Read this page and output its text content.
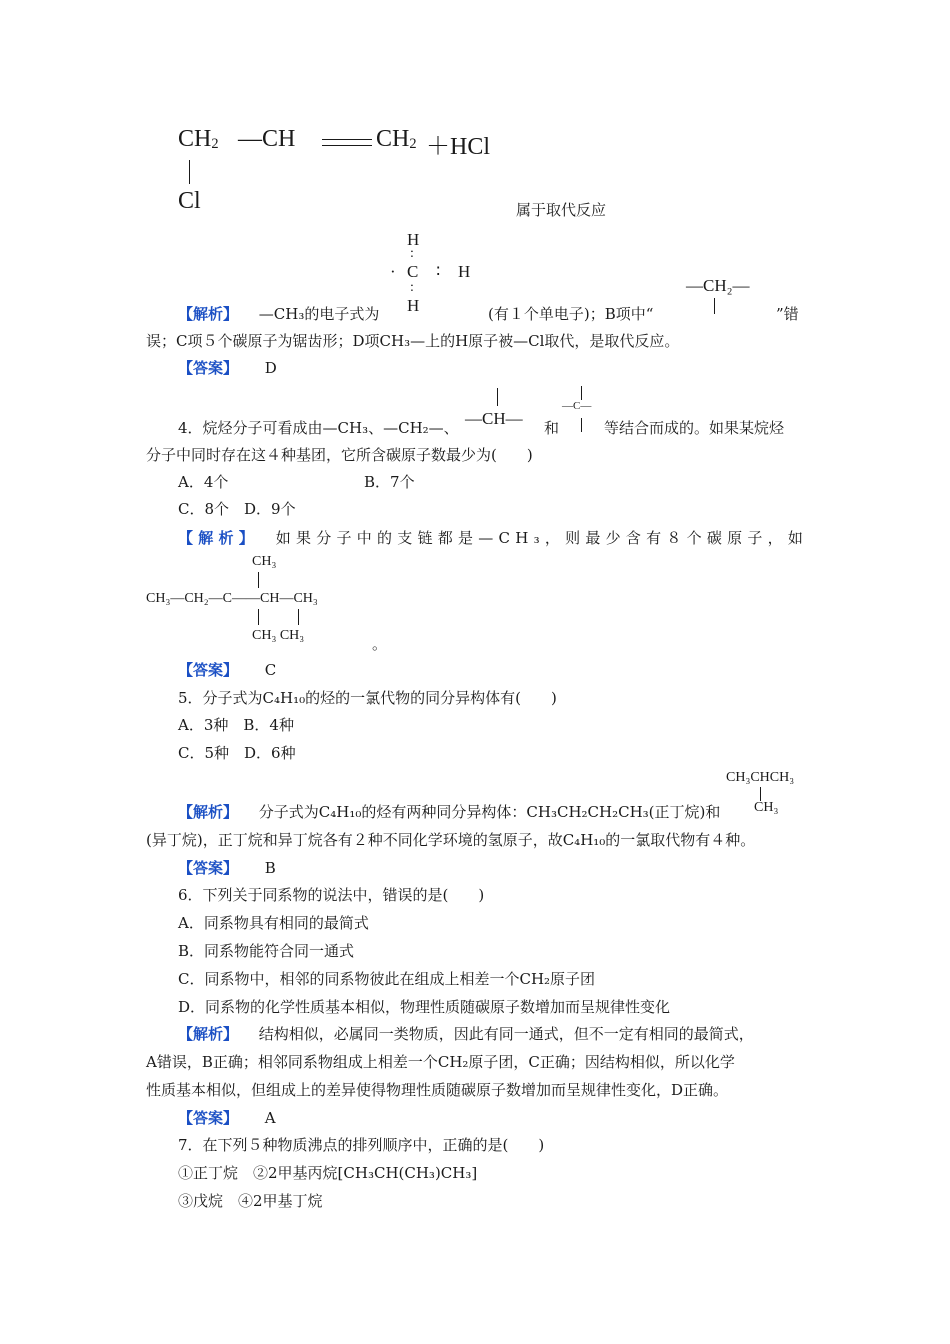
$CH_2$ —CH	$CH_2 +HCl$
Cl	属于取代反应
H
:
· C ∶ H
:
H
【解析】 —CH₃的电子式为	(有１个单电子)；B项中“
—CH₂—
”错
误；C项５个碳原子为锯齿形；D项CH₃—上的H原子被—Cl取代，是取代反应。
【答案】 D
4．烷烃分子可看成由—CH₃、—CH₂—、 —CH— 和
—C—
等结合而成的。如果某烷烃
分子中同时存在这４种基团，它所含碳原子数最少为(　　)
A．4个	B．7个
C．8个　D．9个
【解析】 如果分子中的支链都是—CH₃，则最少含有８个碳原子，如
CH₃
CH₃—CH₂—C——CH—CH₃
CH₃ CH₃	。
【答案】 C
5．分子式为C₄H₁₀的烃的一氯代物的同分异构体有(　　)
A．3种　B．4种
C．5种　D．6种
CH₃CHCH₃
CH₃
【解析】 分子式为C₄H₁₀的烃有两种同分异构体：CH₃CH₂CH₂CH₃(正丁烷)和
(异丁烷)，正丁烷和异丁烷各有２种不同化学环境的氢原子，故C₄H₁₀的一氯取代物有４种。
【答案】 B
6．下列关于同系物的说法中，错误的是(　　)
A．同系物具有相同的最简式
B．同系物能符合同一通式
C．同系物中，相邻的同系物彼此在组成上相差一个CH₂原子团
D．同系物的化学性质基本相似，物理性质随碳原子数增加而呈规律性变化
【解析】 结构相似，必属同一类物质，因此有同一通式，但不一定有相同的最简式，
A错误，B正确；相邻同系物组成上相差一个CH₂原子团，C正确；因结构相似，所以化学
性质基本相似，但组成上的差异使得物理性质随碳原子数增加而呈规律性变化，D正确。
【答案】 A
7．在下列５种物质沸点的排列顺序中，正确的是(　　)
①正丁烷　②2甲基丙烷[CH₃CH(CH₃)CH₃]
③戊烷　④2甲基丁烷
